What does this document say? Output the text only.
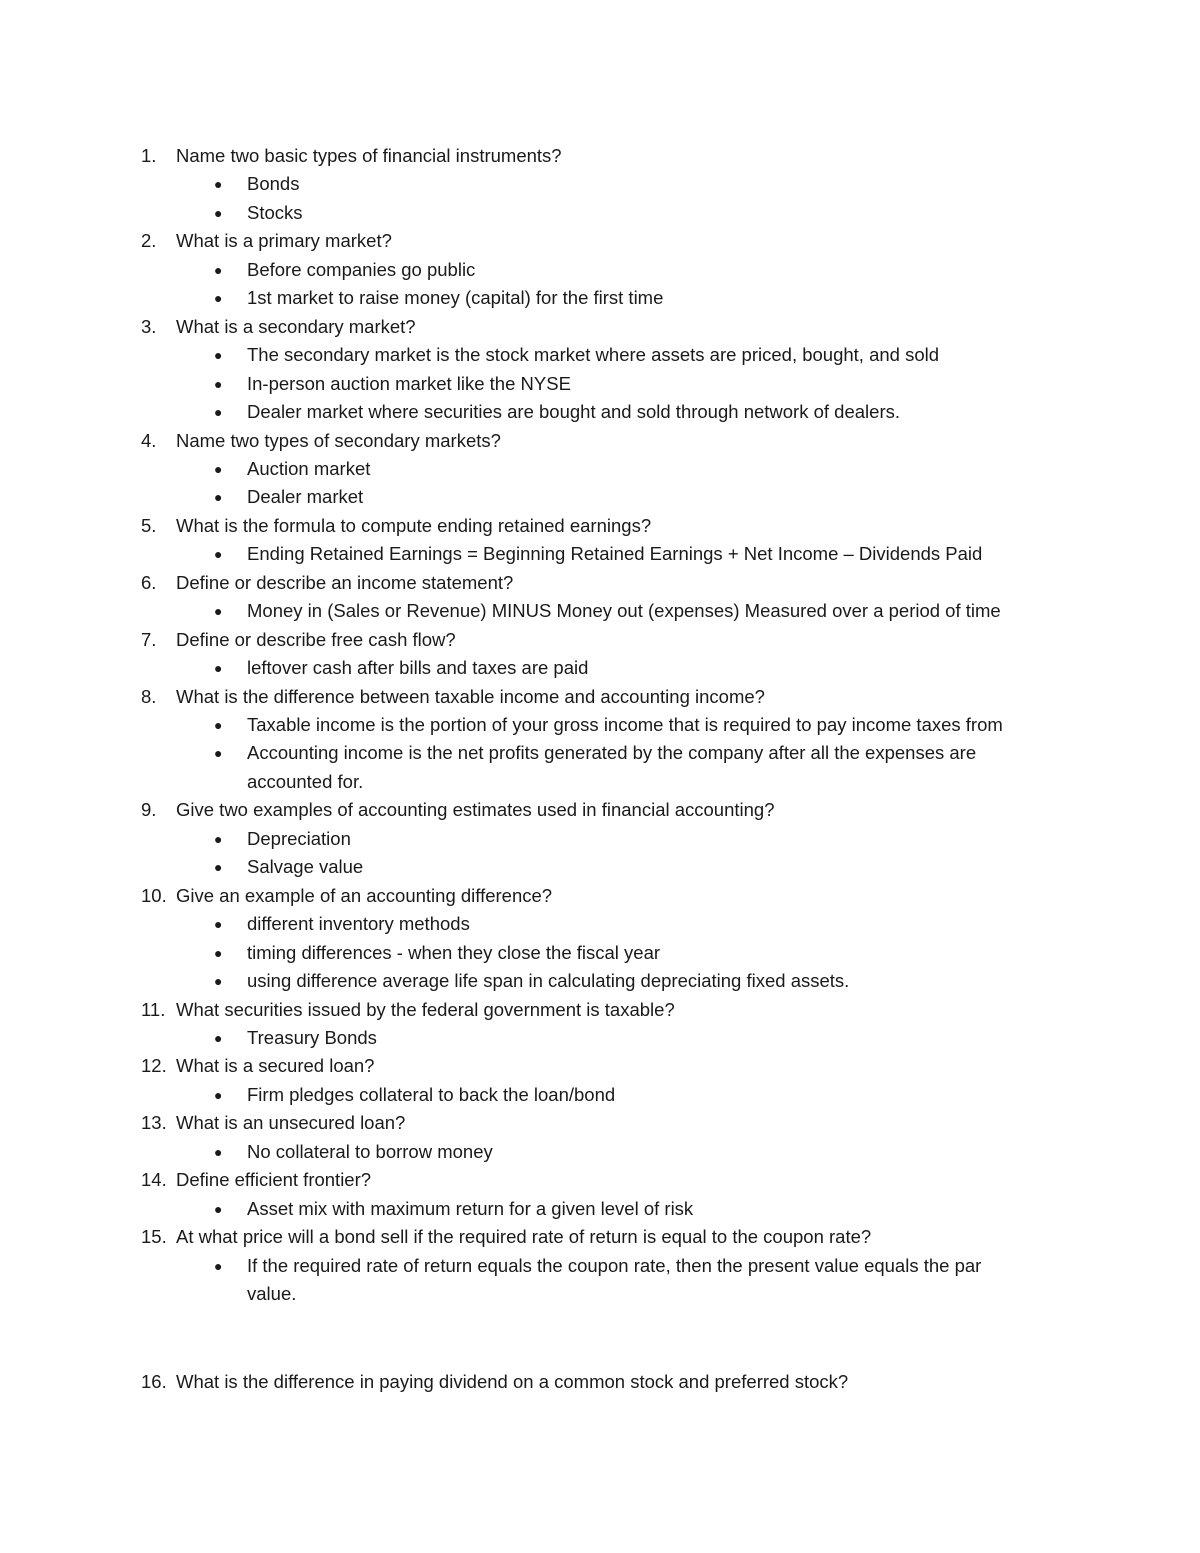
1. Name two basic types of financial instruments?
● Bonds
● Stocks
2. What is a primary market?
● Before companies go public
● 1st market to raise money (capital) for the first time
3. What is a secondary market?
● The secondary market is the stock market where assets are priced, bought, and sold
● In-person auction market like the NYSE
● Dealer market where securities are bought and sold through network of dealers.
4. Name two types of secondary markets?
● Auction market
● Dealer market
5. What is the formula to compute ending retained earnings?
● Ending Retained Earnings = Beginning Retained Earnings + Net Income – Dividends Paid
6. Define or describe an income statement?
● Money in (Sales or Revenue) MINUS Money out (expenses) Measured over a period of time
7. Define or describe free cash flow?
● leftover cash after bills and taxes are paid
8. What is the difference between taxable income and accounting income?
● Taxable income is the portion of your gross income that is required to pay income taxes from
● Accounting income is the net profits generated by the company after all the expenses are
accounted for.
9. Give two examples of accounting estimates used in financial accounting?
● Depreciation
● Salvage value
10. Give an example of an accounting difference?
● different inventory methods
● timing differences - when they close the fiscal year
● using difference average life span in calculating depreciating fixed assets.
11. What securities issued by the federal government is taxable?
● Treasury Bonds
12. What is a secured loan?
● Firm pledges collateral to back the loan/bond
13. What is an unsecured loan?
● No collateral to borrow money
14. Define efficient frontier?
● Asset mix with maximum return for a given level of risk
15. At what price will a bond sell if the required rate of return is equal to the coupon rate?
● If the required rate of return equals the coupon rate, then the present value equals the par
value.
16. What is the difference in paying dividend on a common stock and preferred stock?
